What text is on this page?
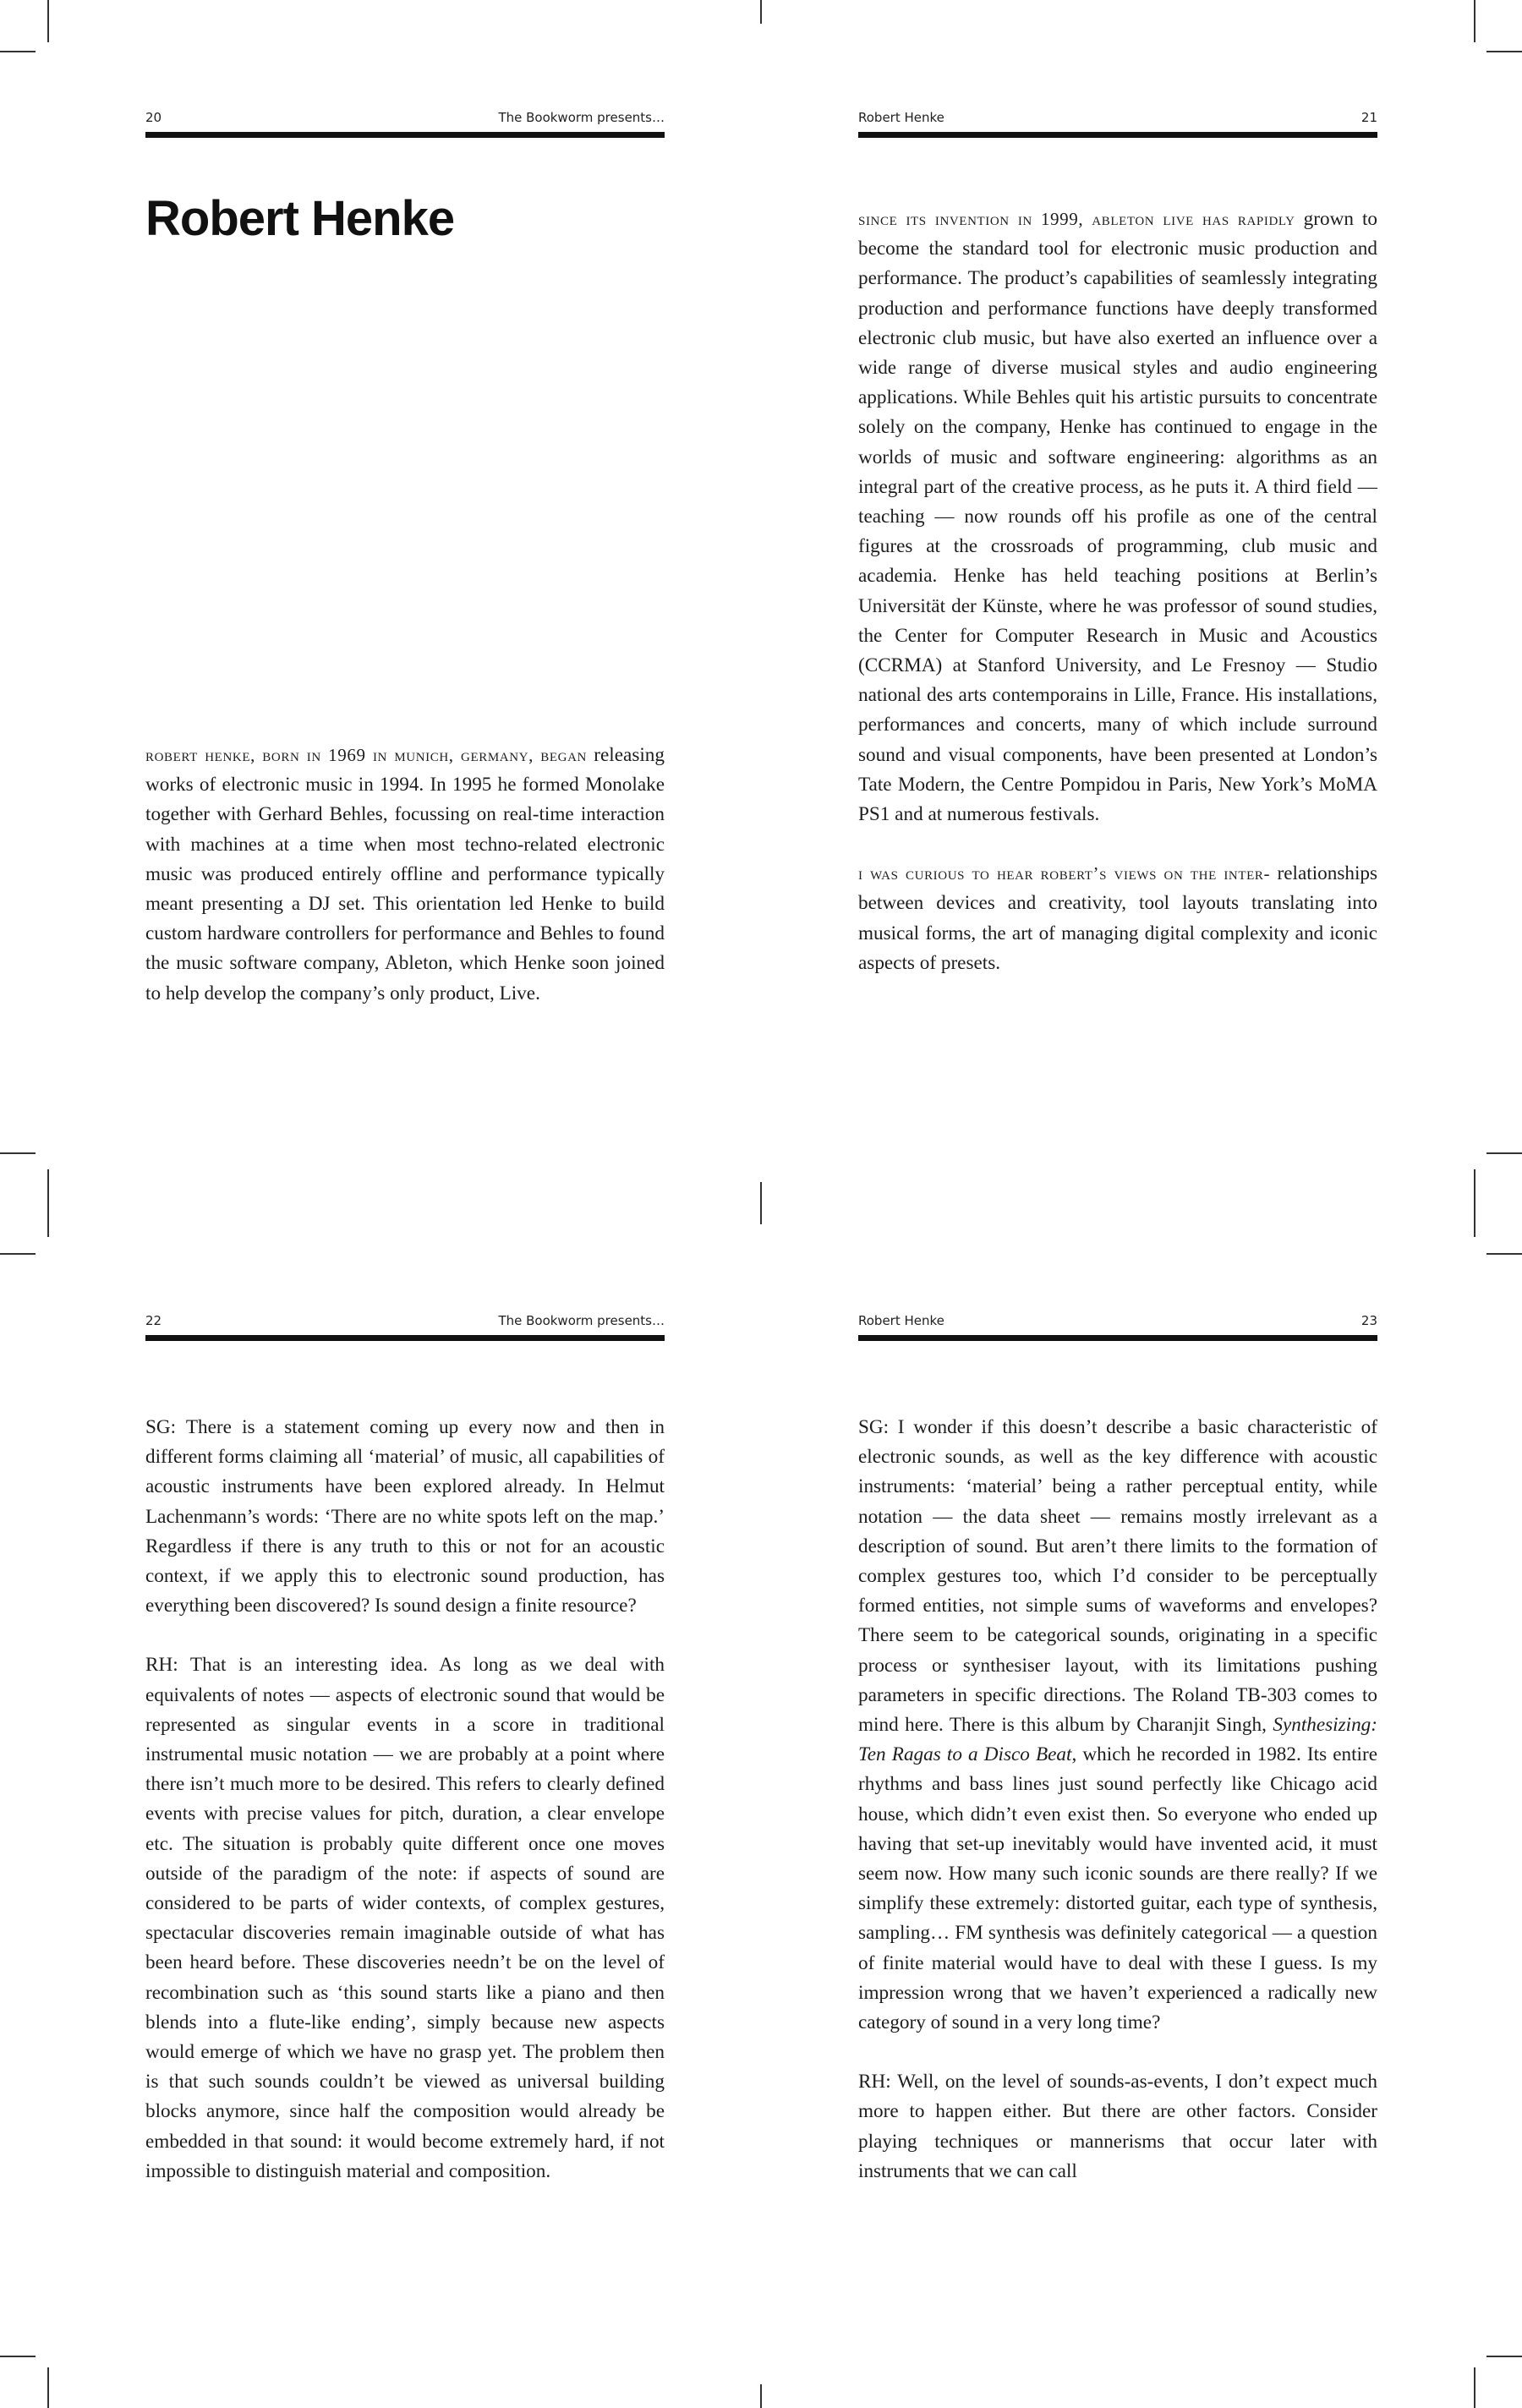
20	The Bookworm presents…
Robert Henke

robert henke, born in 1969 in munich, germany, began releasing works of electronic music in 1994. In 1995 he formed Monolake together with Gerhard Behles, focussing on real-time interaction with machines at a time when most techno-related electronic music was produced entirely offline and performance typically meant presenting a DJ set. This orientation led Henke to build custom hardware controllers for performance and Behles to found the music software company, Ableton, which Henke soon joined to help develop the company’s only product, Live.

Robert Henke	21

since its invention in 1999, ableton live has rapidly grown to become the standard tool for electronic music production and performance. The product’s capabilities of seamlessly integrating production and performance functions have deeply transformed electronic club music, but have also exerted an influence over a wide range of diverse musical styles and audio engineering applications. While Behles quit his artistic pursuits to concentrate solely on the company, Henke has continued to engage in the worlds of music and software engineering: algorithms as an integral part of the creative process, as he puts it. A third field — teaching — now rounds off his profile as one of the central figures at the crossroads of programming, club music and academia. Henke has held teaching positions at Berlin’s Universität der Künste, where he was professor of sound studies, the Center for Computer Research in Music and Acoustics (CCRMA) at Stanford University, and Le Fresnoy — Studio national des arts contemporains in Lille, France. His installations, performances and concerts, many of which include surround sound and visual components, have been presented at London’s Tate Modern, the Centre Pompidou in Paris, New York’s MoMA PS1 and at numerous festivals.

i was curious to hear robert’s views on the inter- relationships between devices and creativity, tool layouts translating into musical forms, the art of managing digital complexity and iconic aspects of presets.

22	The Bookworm presents…

SG: There is a statement coming up every now and then in different forms claiming all ‘material’ of music, all capabilities of acoustic instruments have been explored already. In Helmut Lachenmann’s words: ‘There are no white spots left on the map.’ Regardless if there is any truth to this or not for an acoustic context, if we apply this to electronic sound production, has everything been discovered? Is sound design a finite resource?

RH: That is an interesting idea. As long as we deal with equivalents of notes — aspects of electronic sound that would be represented as singular events in a score in traditional instrumental music notation — we are probably at a point where there isn’t much more to be desired. This refers to clearly defined events with precise values for pitch, duration, a clear envelope etc. The situation is probably quite different once one moves outside of the paradigm of the note: if aspects of sound are considered to be parts of wider contexts, of complex gestures, spectacular discoveries remain imaginable outside of what has been heard before. These discoveries needn’t be on the level of recombination such as ‘this sound starts like a piano and then blends into a flute-like ending’, simply because new aspects would emerge of which we have no grasp yet. The problem then is that such sounds couldn’t be viewed as universal building blocks anymore, since half the composition would already be embedded in that sound: it would become extremely hard, if not impossible to distinguish material and composition.

Robert Henke	23

SG: I wonder if this doesn’t describe a basic characteristic of electronic sounds, as well as the key difference with acoustic instruments: ‘material’ being a rather perceptual entity, while notation — the data sheet — remains mostly irrelevant as a description of sound. But aren’t there limits to the formation of complex gestures too, which I’d consider to be perceptually formed entities, not simple sums of waveforms and envelopes? There seem to be categorical sounds, originating in a specific process or synthesiser layout, with its limitations pushing parameters in specific directions. The Roland TB-303 comes to mind here. There is this album by Charanjit Singh, Synthesizing: Ten Ragas to a Disco Beat, which he recorded in 1982. Its entire rhythms and bass lines just sound perfectly like Chicago acid house, which didn’t even exist then. So everyone who ended up having that set-up inevitably would have invented acid, it must seem now. How many such iconic sounds are there really? If we simplify these extremely: distorted guitar, each type of synthesis, sampling… FM synthesis was definitely categorical — a question of finite material would have to deal with these I guess. Is my impression wrong that we haven’t experienced a radically new category of sound in a very long time?

RH: Well, on the level of sounds-as-events, I don’t expect much more to happen either. But there are other factors. Consider playing techniques or mannerisms that occur later with instruments that we can call
